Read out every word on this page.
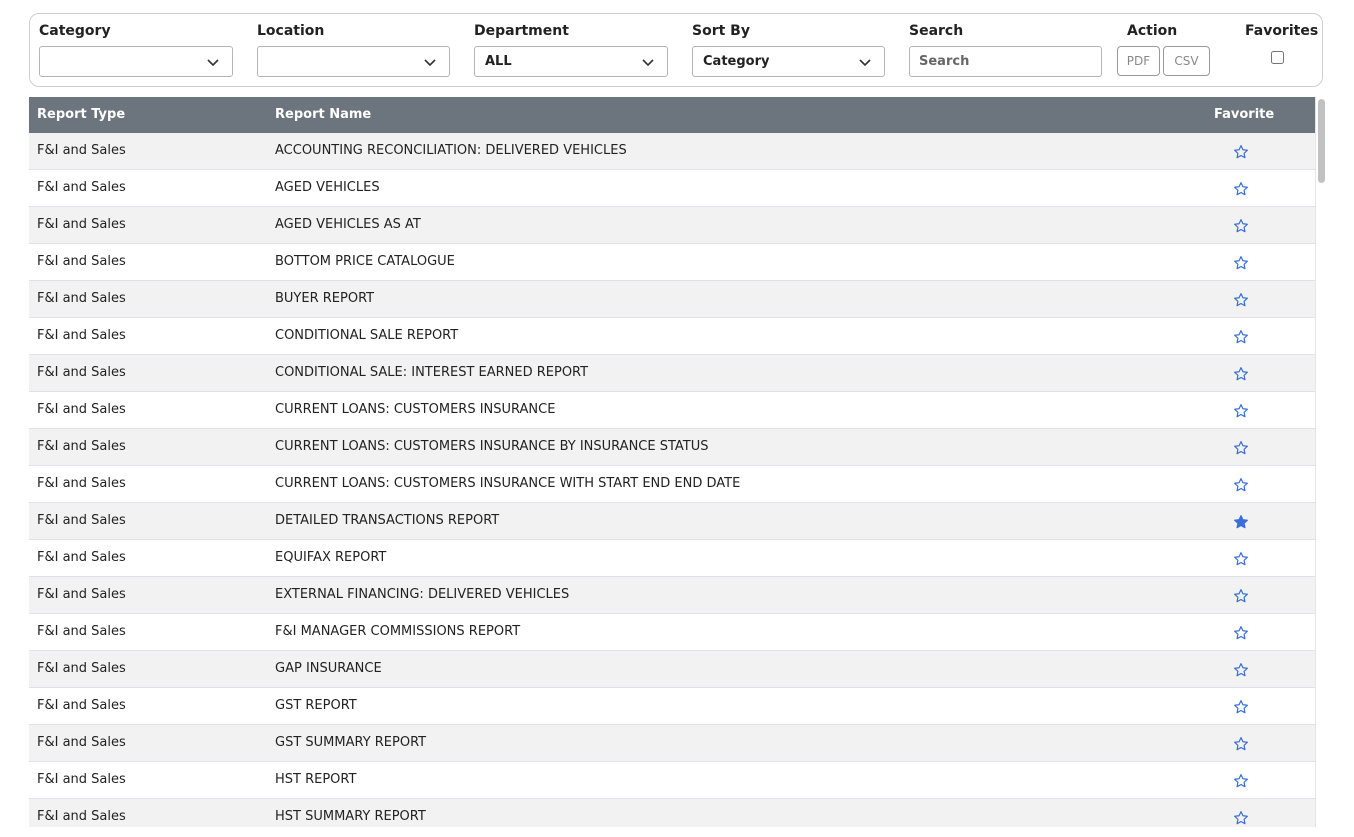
Category	Location	Department
ALL
Sort By
Category
Search
Search	Action
PDF	CSV
Favorites
Report Type	Report Name	Favorite
F&I and Sales	ACCOUNTING RECONCILIATION: DELIVERED VEHICLES
F&I and Sales	AGED VEHICLES
F&I and Sales	AGED VEHICLES AS AT
F&I and Sales	BOTTOM PRICE CATALOGUE
F&I and Sales	BUYER REPORT
F&I and Sales	CONDITIONAL SALE REPORT
F&I and Sales	CONDITIONAL SALE: INTEREST EARNED REPORT
F&I and Sales	CURRENT LOANS: CUSTOMERS INSURANCE
F&I and Sales	CURRENT LOANS: CUSTOMERS INSURANCE BY INSURANCE STATUS
F&I and Sales	CURRENT LOANS: CUSTOMERS INSURANCE WITH START END END DATE
F&I and Sales	DETAILED TRANSACTIONS REPORT
F&I and Sales	EQUIFAX REPORT
F&I and Sales	EXTERNAL FINANCING: DELIVERED VEHICLES
F&I and Sales	F&I MANAGER COMMISSIONS REPORT
F&I and Sales	GAP INSURANCE
F&I and Sales	GST REPORT
F&I and Sales	GST SUMMARY REPORT
F&I and Sales	HST REPORT
F&I and Sales	HST SUMMARY REPORT
